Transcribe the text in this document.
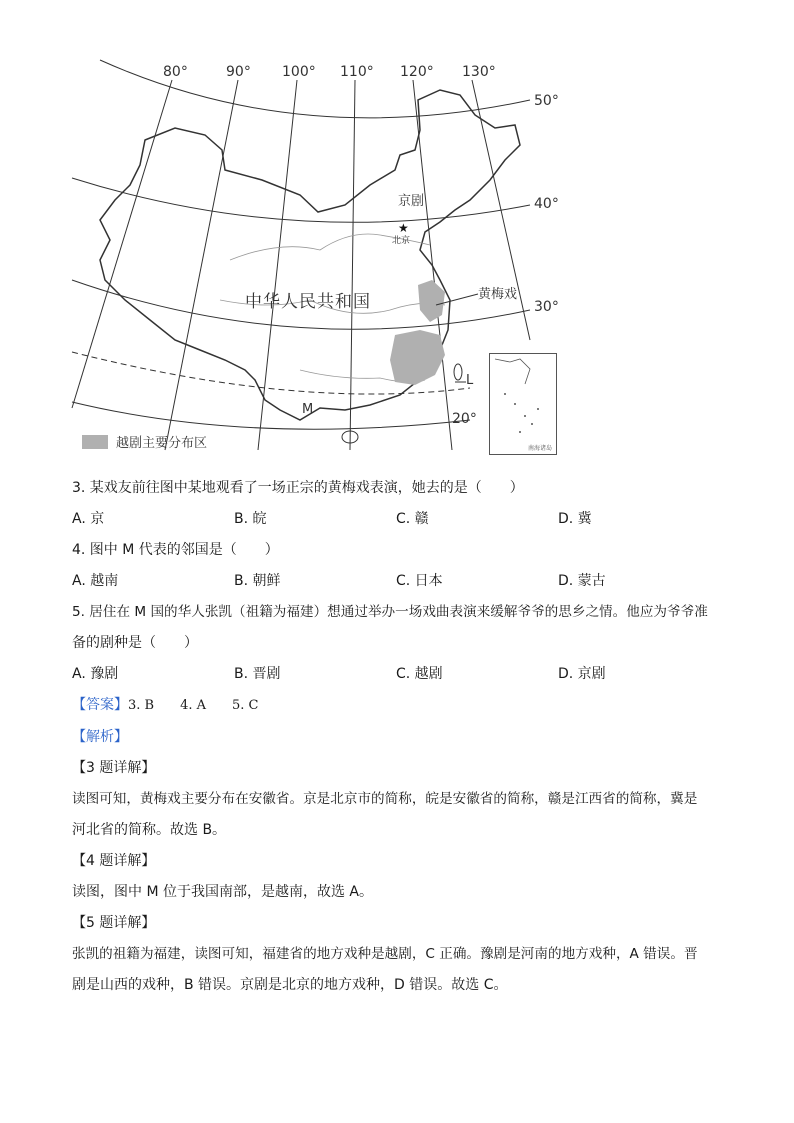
★
80°	90° 100° 110° 120° 130°
50°
40°
30°
20°
京剧
北京
黄梅戏
M
L
中华人民共和国
南海诸岛
越剧主要分布区

3. 某戏友前往图中某地观看了一场正宗的黄梅戏表演，她去的是（　　）

A. 京	B. 皖	C. 赣	D. 冀

4. 图中 M 代表的邻国是（　　）

A. 越南	B. 朝鲜	C. 日本	D. 蒙古

5. 居住在 M 国的华人张凯（祖籍为福建）想通过举办一场戏曲表演来缓解爷爷的思乡之情。他应为爷爷准

备的剧种是（　　）

A. 豫剧	B. 晋剧	C. 越剧	D. 京剧

【答案】3. B　　4. A　　5. C

【解析】

【3 题详解】

读图可知，黄梅戏主要分布在安徽省。京是北京市的简称，皖是安徽省的简称，赣是江西省的简称，冀是

河北省的简称。故选 B。

【4 题详解】

读图，图中 M 位于我国南部，是越南，故选 A。

【5 题详解】

张凯的祖籍为福建，读图可知，福建省的地方戏种是越剧，C 正确。豫剧是河南的地方戏种，A 错误。晋

剧是山西的戏种，B 错误。京剧是北京的地方戏种，D 错误。故选 C。
